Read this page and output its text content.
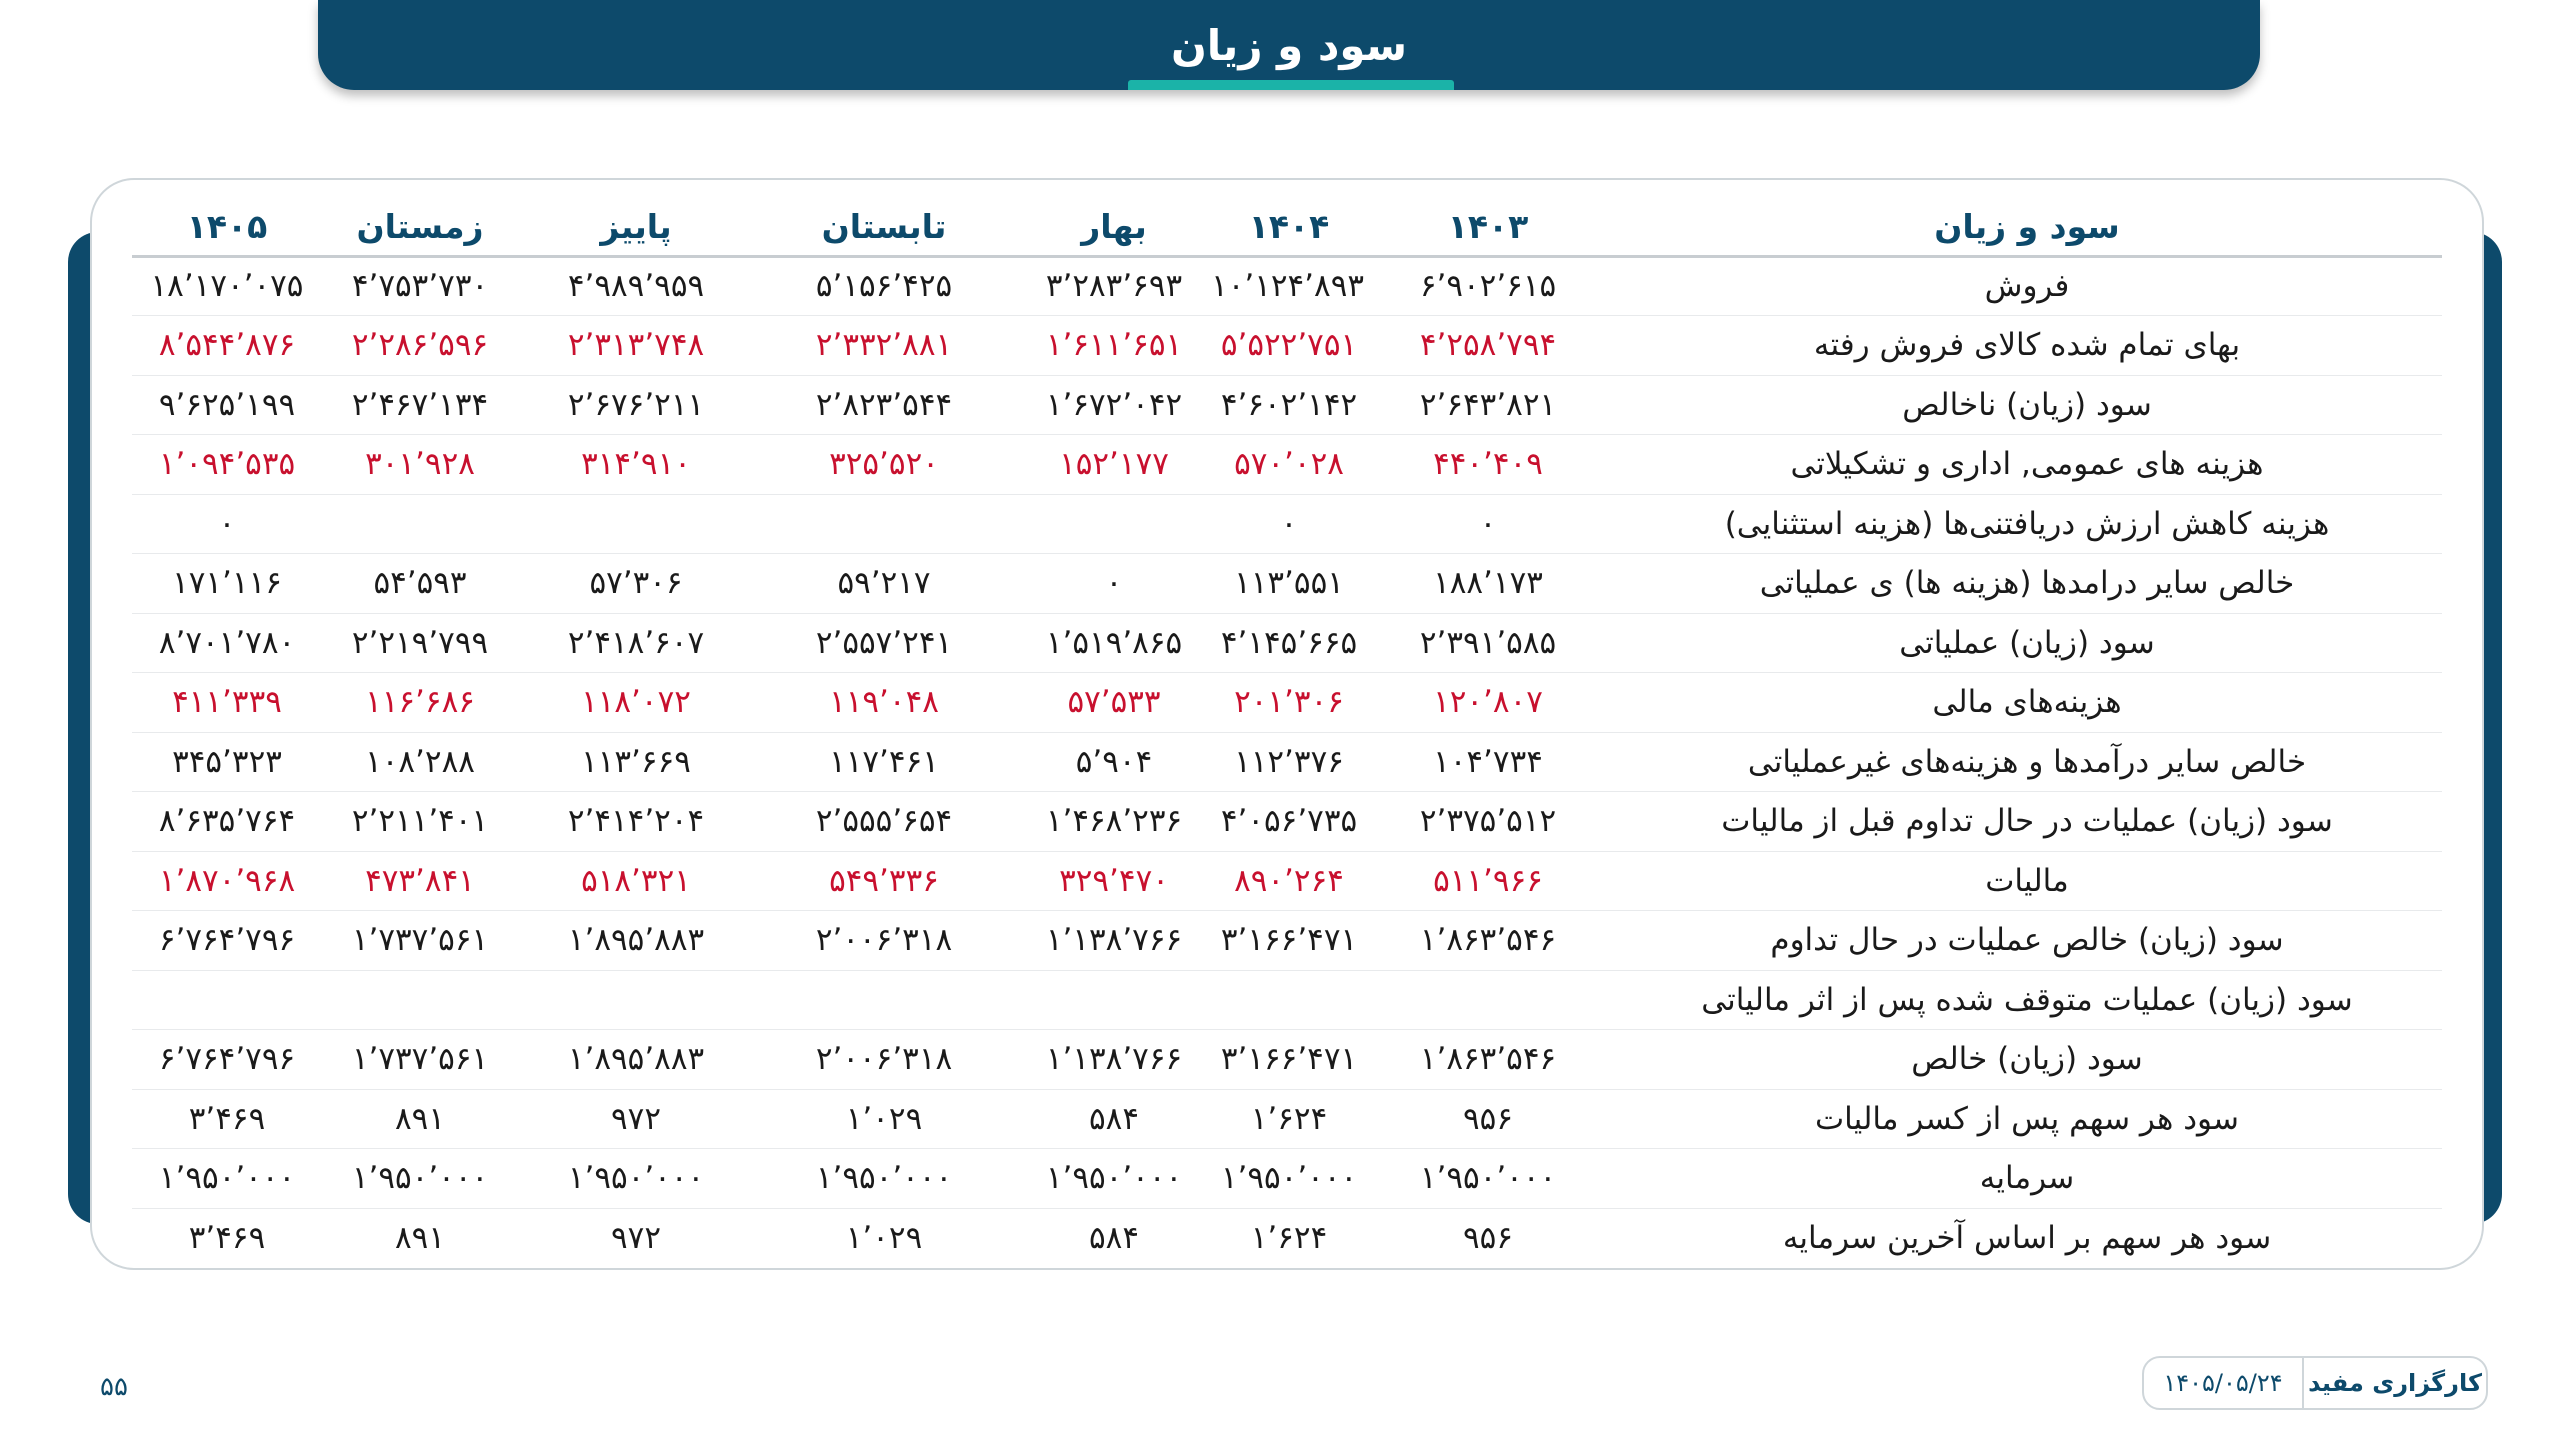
سود و زیان
سود و زیان	۱۴۰۳	۱۴۰۴	بهار	تابستان	پاییز	زمستان	۱۴۰۵
فروش	۶٬۹۰۲٬۶۱۵	۱۰٬۱۲۴٬۸۹۳	۳٬۲۸۳٬۶۹۳	۵٬۱۵۶٬۴۲۵	۴٬۹۸۹٬۹۵۹	۴٬۷۵۳٬۷۳۰	۱۸٬۱۷۰٬۰۷۵
بهای تمام شده کالای فروش رفته	۴٬۲۵۸٬۷۹۴	۵٬۵۲۲٬۷۵۱	۱٬۶۱۱٬۶۵۱	۲٬۳۳۲٬۸۸۱	۲٬۳۱۳٬۷۴۸	۲٬۲۸۶٬۵۹۶	۸٬۵۴۴٬۸۷۶
سود (زیان) ناخالص	۲٬۶۴۳٬۸۲۱	۴٬۶۰۲٬۱۴۲	۱٬۶۷۲٬۰۴۲	۲٬۸۲۳٬۵۴۴	۲٬۶۷۶٬۲۱۱	۲٬۴۶۷٬۱۳۴	۹٬۶۲۵٬۱۹۹
هزینه های عمومی, اداری و تشکیلاتی	۴۴۰٬۴۰۹	۵۷۰٬۰۲۸	۱۵۲٬۱۷۷	۳۲۵٬۵۲۰	۳۱۴٬۹۱۰	۳۰۱٬۹۲۸	۱٬۰۹۴٬۵۳۵
هزینه کاهش ارزش دریافتنی‌ها (هزینه استثنایی)	۰	۰					۰
خالص سایر درامدها (هزینه ها) ی عملیاتی	۱۸۸٬۱۷۳	۱۱۳٬۵۵۱	۰	۵۹٬۲۱۷	۵۷٬۳۰۶	۵۴٬۵۹۳	۱۷۱٬۱۱۶
سود (زیان) عملیاتی	۲٬۳۹۱٬۵۸۵	۴٬۱۴۵٬۶۶۵	۱٬۵۱۹٬۸۶۵	۲٬۵۵۷٬۲۴۱	۲٬۴۱۸٬۶۰۷	۲٬۲۱۹٬۷۹۹	۸٬۷۰۱٬۷۸۰
هزینه‌های مالی	۱۲۰٬۸۰۷	۲۰۱٬۳۰۶	۵۷٬۵۳۳	۱۱۹٬۰۴۸	۱۱۸٬۰۷۲	۱۱۶٬۶۸۶	۴۱۱٬۳۳۹
خالص سایر درآمدها و هزینه‌های غیرعملیاتی	۱۰۴٬۷۳۴	۱۱۲٬۳۷۶	۵٬۹۰۴	۱۱۷٬۴۶۱	۱۱۳٬۶۶۹	۱۰۸٬۲۸۸	۳۴۵٬۳۲۳
سود (زیان) عملیات در حال تداوم قبل از مالیات	۲٬۳۷۵٬۵۱۲	۴٬۰۵۶٬۷۳۵	۱٬۴۶۸٬۲۳۶	۲٬۵۵۵٬۶۵۴	۲٬۴۱۴٬۲۰۴	۲٬۲۱۱٬۴۰۱	۸٬۶۳۵٬۷۶۴
مالیات	۵۱۱٬۹۶۶	۸۹۰٬۲۶۴	۳۲۹٬۴۷۰	۵۴۹٬۳۳۶	۵۱۸٬۳۲۱	۴۷۳٬۸۴۱	۱٬۸۷۰٬۹۶۸
سود (زیان) خالص عملیات در حال تداوم	۱٬۸۶۳٬۵۴۶	۳٬۱۶۶٬۴۷۱	۱٬۱۳۸٬۷۶۶	۲٬۰۰۶٬۳۱۸	۱٬۸۹۵٬۸۸۳	۱٬۷۳۷٬۵۶۱	۶٬۷۶۴٬۷۹۶
سود (زیان) عملیات متوقف شده پس از اثر مالیاتی							
سود (زیان) خالص	۱٬۸۶۳٬۵۴۶	۳٬۱۶۶٬۴۷۱	۱٬۱۳۸٬۷۶۶	۲٬۰۰۶٬۳۱۸	۱٬۸۹۵٬۸۸۳	۱٬۷۳۷٬۵۶۱	۶٬۷۶۴٬۷۹۶
سود هر سهم پس از کسر مالیات	۹۵۶	۱٬۶۲۴	۵۸۴	۱٬۰۲۹	۹۷۲	۸۹۱	۳٬۴۶۹
سرمایه	۱٬۹۵۰٬۰۰۰	۱٬۹۵۰٬۰۰۰	۱٬۹۵۰٬۰۰۰	۱٬۹۵۰٬۰۰۰	۱٬۹۵۰٬۰۰۰	۱٬۹۵۰٬۰۰۰	۱٬۹۵۰٬۰۰۰
سود هر سهم بر اساس آخرین سرمایه	۹۵۶	۱٬۶۲۴	۵۸۴	۱٬۰۲۹	۹۷۲	۸۹۱	۳٬۴۶۹
۵۵	۱۴۰۵/۰۵/۲۴	کارگزاری مفید
